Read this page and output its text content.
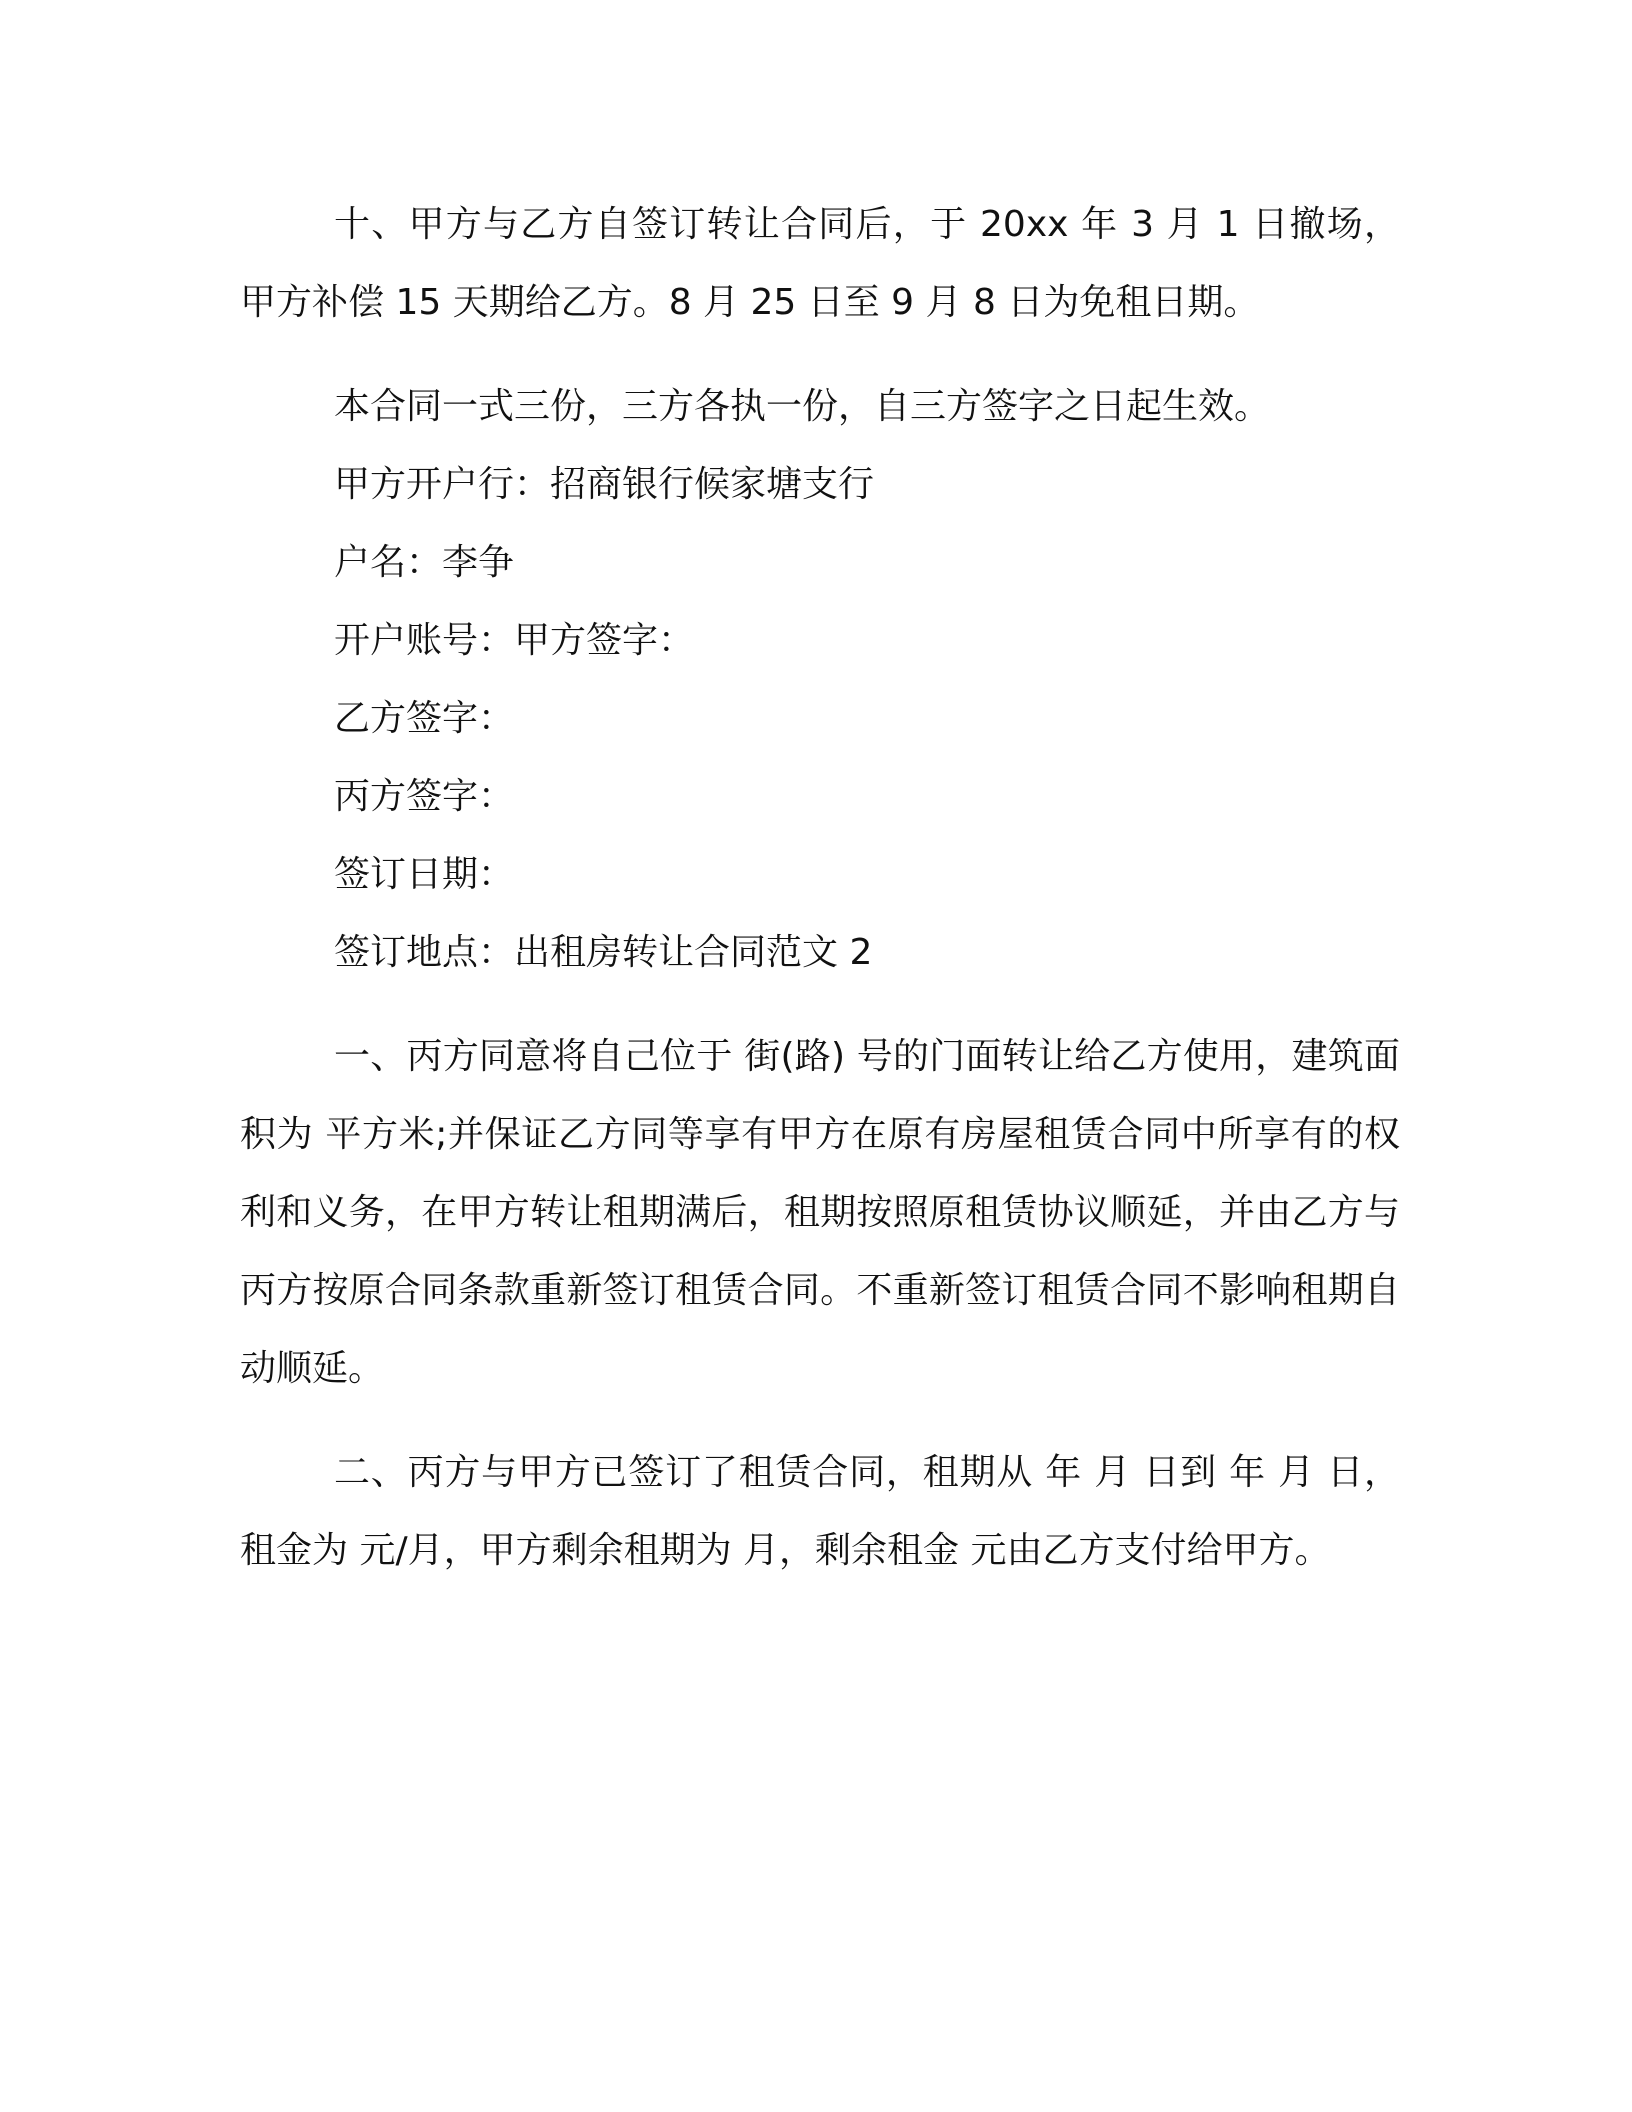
十、甲方与乙方自签订转让合同后，于 20xx 年 3 月 1 日撤场，甲方补偿 15 天期给乙方。8 月 25 日至 9 月 8 日为免租日期。

本合同一式三份，三方各执一份，自三方签字之日起生效。

甲方开户行：招商银行候家塘支行

户名：李争

开户账号：甲方签字：

乙方签字：

丙方签字：

签订日期：

签订地点：出租房转让合同范文 2

一、丙方同意将自己位于 街(路) 号的门面转让给乙方使用，建筑面积为 平方米;并保证乙方同等享有甲方在原有房屋租赁合同中所享有的权利和义务，在甲方转让租期满后，租期按照原租赁协议顺延，并由乙方与丙方按原合同条款重新签订租赁合同。不重新签订租赁合同不影响租期自动顺延。

二、丙方与甲方已签订了租赁合同，租期从 年 月 日到 年 月 日，租金为 元/月，甲方剩余租期为 月，剩余租金 元由乙方支付给甲方。
